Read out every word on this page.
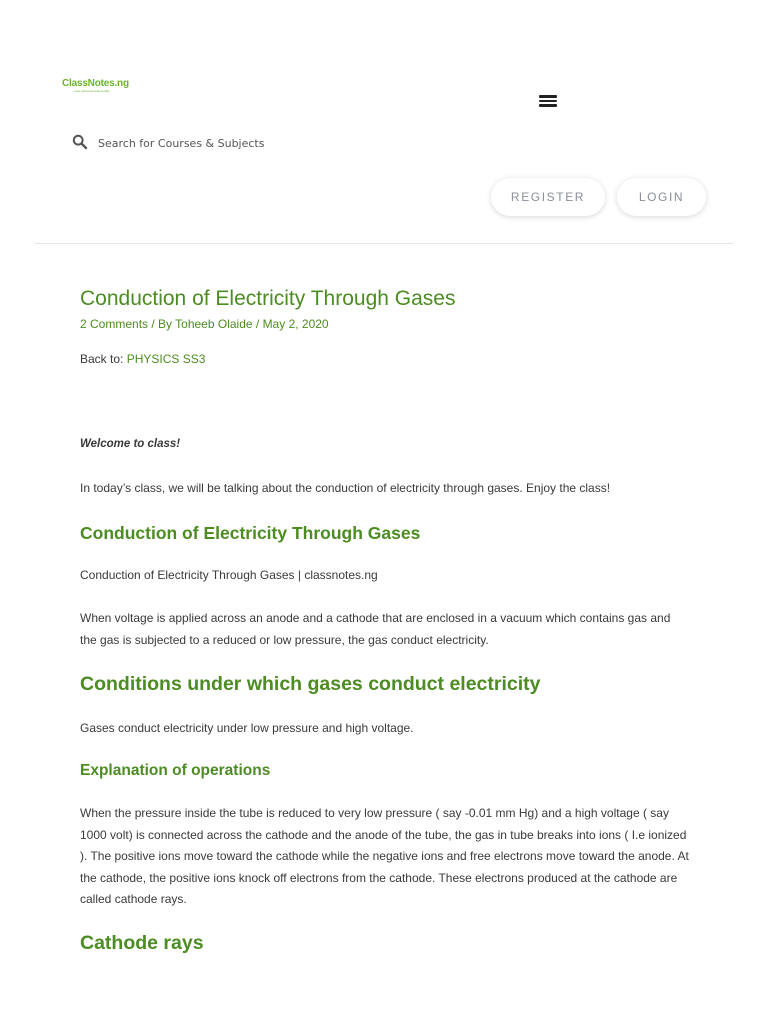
ClassNotes.ng
...your personal study buddy
Search for Courses & Subjects
REGISTER	LOGIN
Conduction of Electricity Through Gases
2 Comments / By Toheeb Olaide / May 2, 2020
Back to: PHYSICS SS3
Welcome to class!

In today’s class, we will be talking about the conduction of electricity through gases. Enjoy the class!

Conduction of Electricity Through Gases
Conduction of Electricity Through Gases | classnotes.ng

When voltage is applied across an anode and a cathode that are enclosed in a vacuum which contains gas and the gas is subjected to a reduced or low pressure, the gas conduct electricity.

Conditions under which gases conduct electricity

Gases conduct electricity under low pressure and high voltage.

Explanation of operations

When the pressure inside the tube is reduced to very low pressure ( say -0.01 mm Hg) and a high voltage ( say 1000 volt) is connected across the cathode and the anode of the tube, the gas in tube breaks into ions ( I.e ionized ). The positive ions move toward the cathode while the negative ions and free electrons move toward the anode. At the cathode, the positive ions knock off electrons from the cathode. These electrons produced at the cathode are called cathode rays.

Cathode rays
